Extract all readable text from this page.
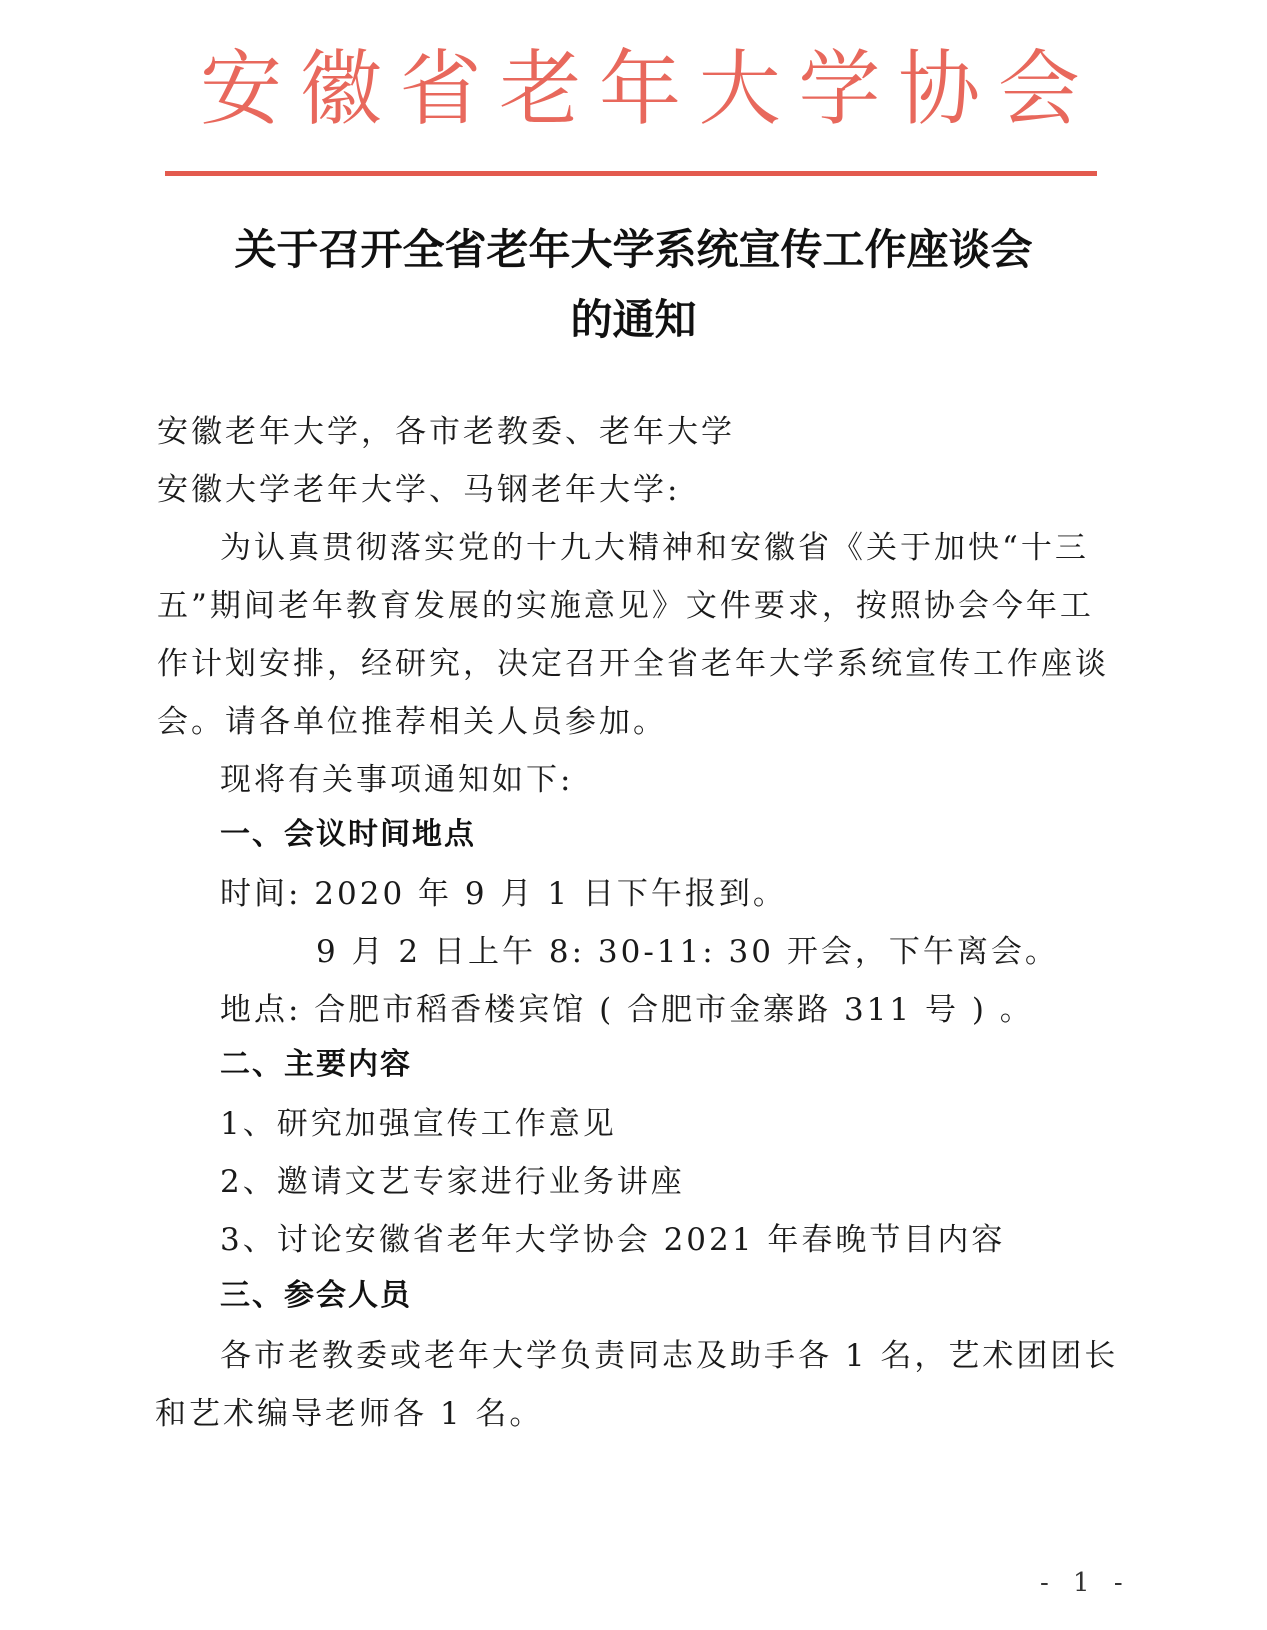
安 徽 省 老 年 大 学 协 会
关于召开全省老年大学系统宣传工作座谈会
的通知
安徽老年大学，各市老教委、老年大学
安徽大学老年大学、马钢老年大学:
为认真贯彻落实党的十九大精神和安徽省《关于加快“十三
五”期间老年教育发展的实施意见》文件要求，按照协会今年工
作计划安排，经研究，决定召开全省老年大学系统宣传工作座谈
会。请各单位推荐相关人员参加。
现将有关事项通知如下:
一、会议时间地点
时间: 2020 年 9 月 1 日下午报到。
9 月 2 日上午 8: 30-11: 30 开会，下午离会。
地点: 合肥市稻香楼宾馆 ( 合肥市金寨路 311 号 ) 。
二、主要内容
1、研究加强宣传工作意见
2、邀请文艺专家进行业务讲座
3、讨论安徽省老年大学协会 2021 年春晚节目内容
三、参会人员
各市老教委或老年大学负责同志及助手各 1 名，艺术团团长
和艺术编导老师各 1 名。
- 1 -
